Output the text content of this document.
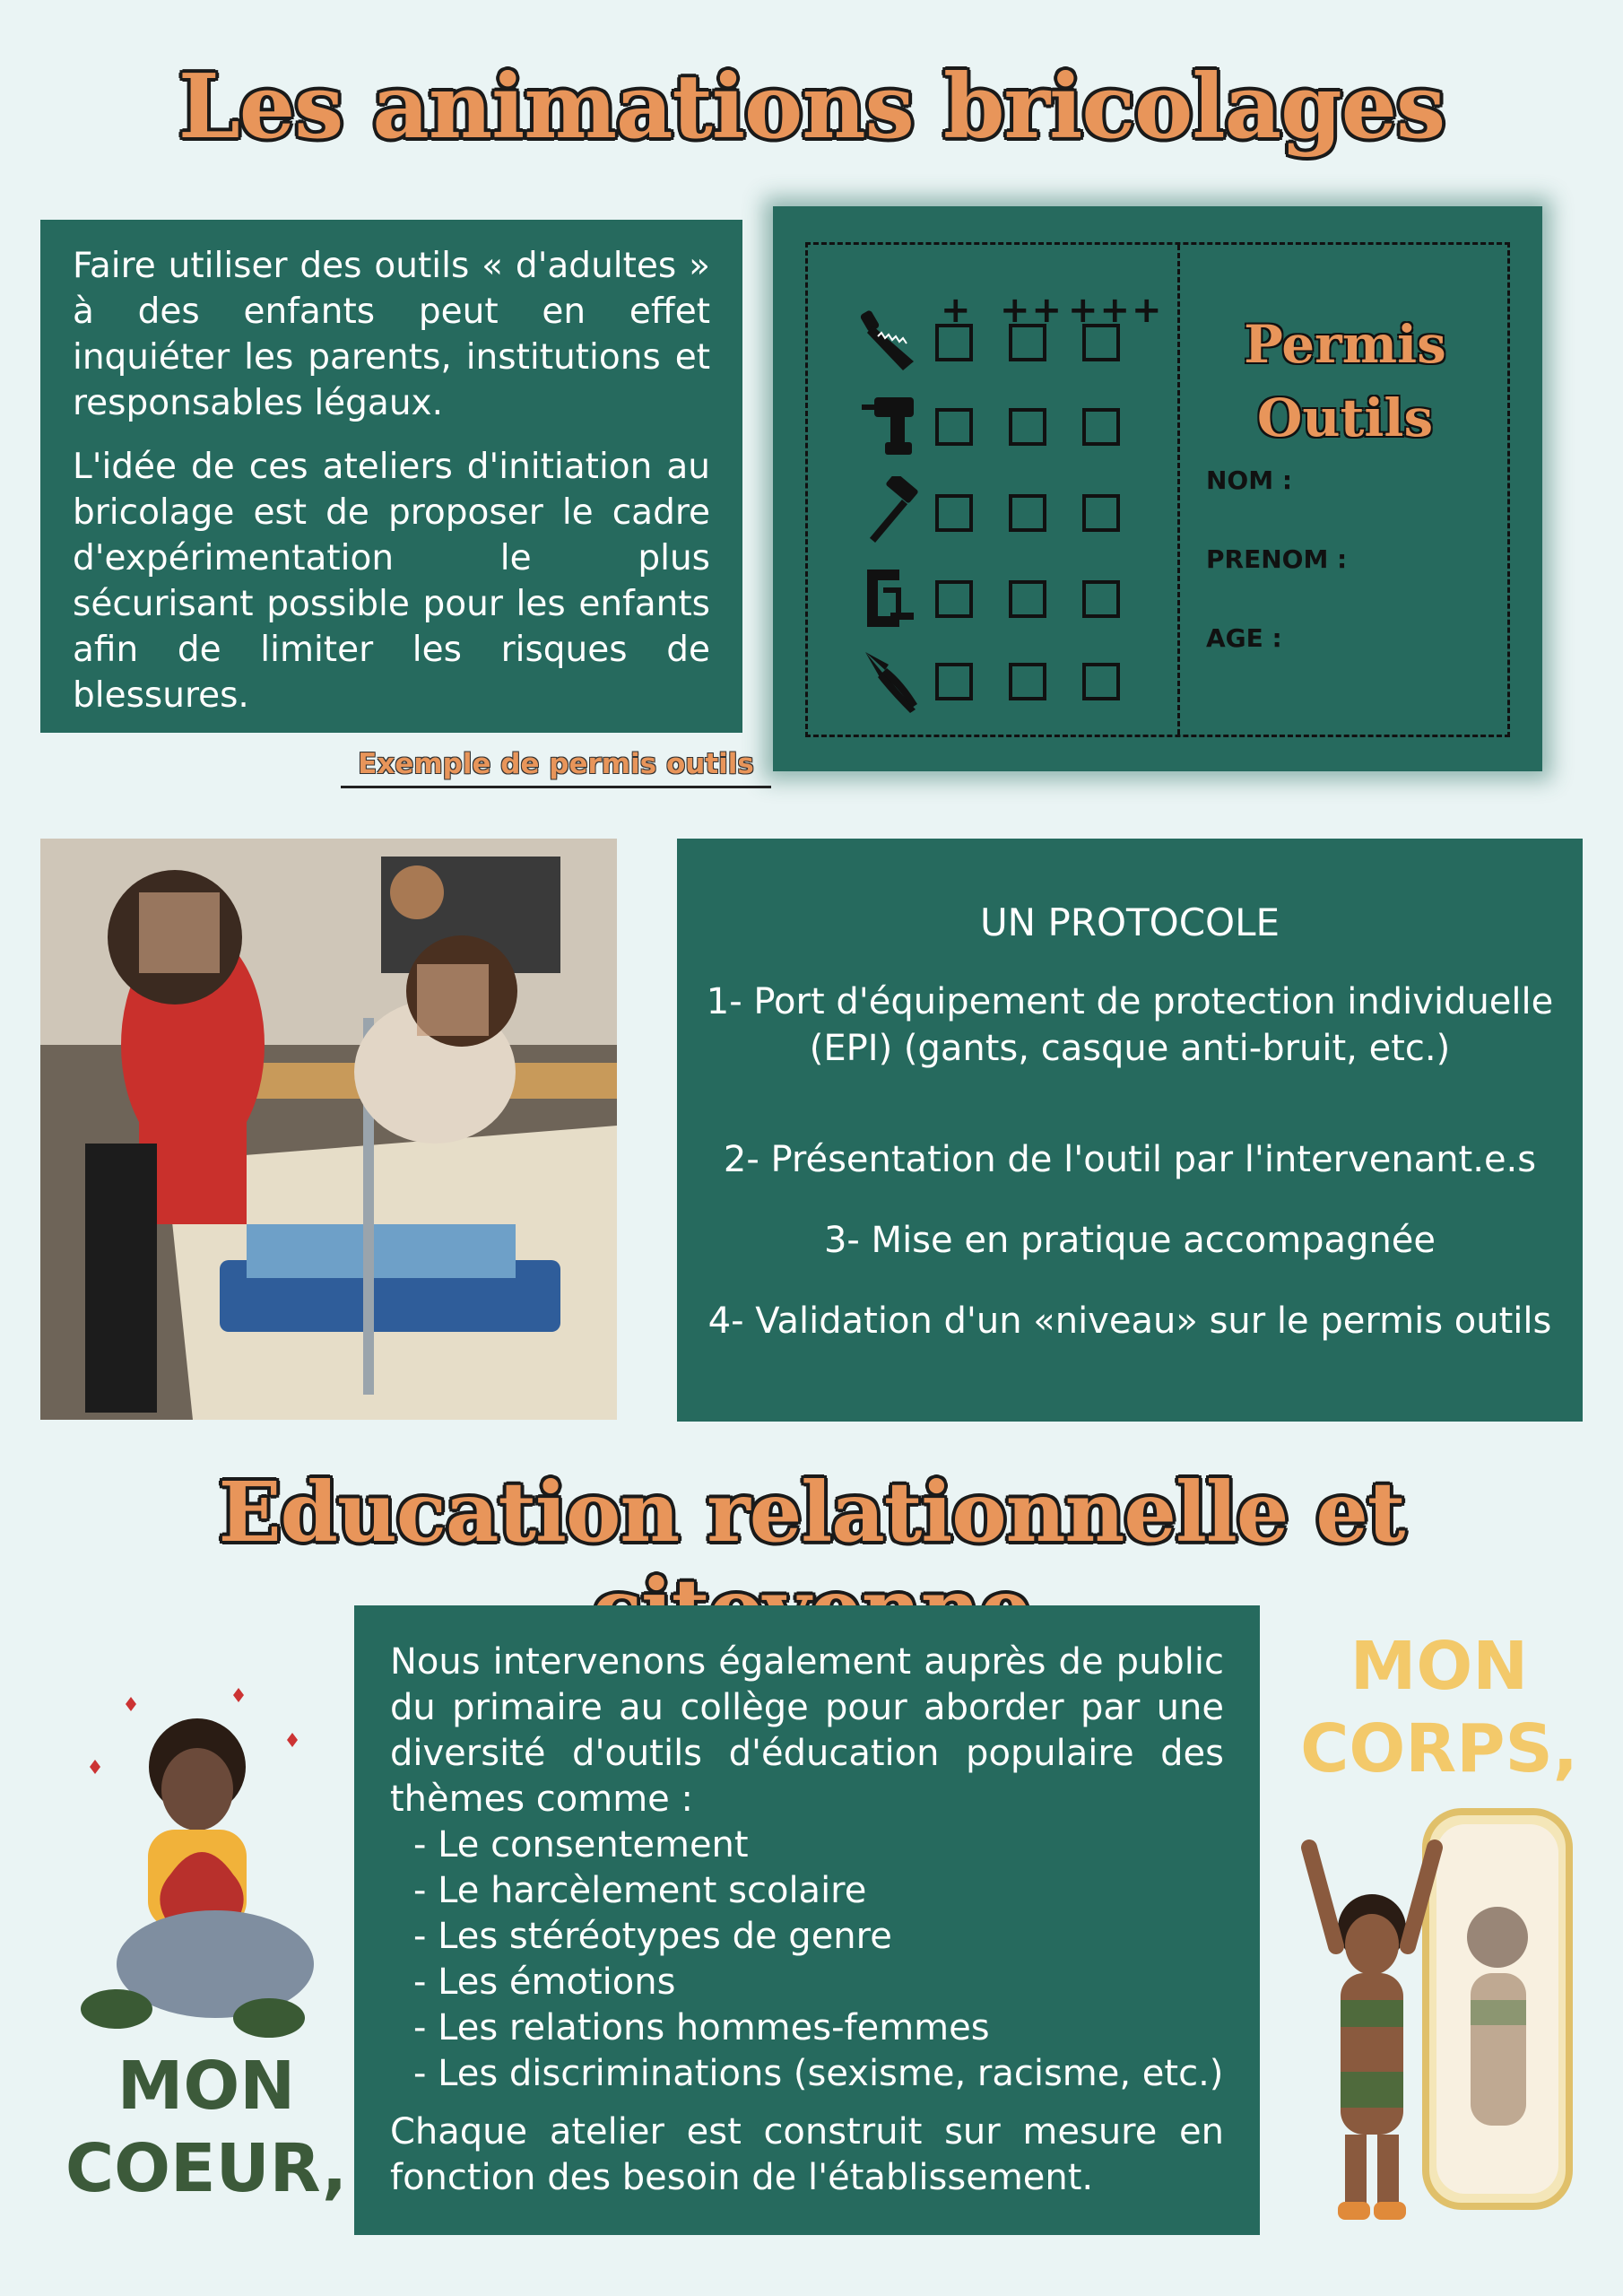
Les animations bricolages

Faire utiliser des outils « d'adultes » à des enfants peut en effet inquiéter les parents, institutions et responsables légaux.

L'idée de ces ateliers d'initiation au bricolage est de proposer le cadre d'expérimentation le plus sécurisant possible pour les enfants afin de limiter les risques de blessures.

+ ++ +++
Permis
Outils
NOM :
PRENOM :
AGE :
Exemple de permis outils
UN PROTOCOLE
1- Port d'équipement de protection individuelle (EPI) (gants, casque anti-bruit, etc.)
2- Présentation de l'outil par l'intervenant.e.s
3- Mise en pratique accompagnée
4- Validation d'un «niveau» sur le permis outils
Education relationnelle et
MON
COEUR,

Nous intervenons également auprès de public du primaire au collège pour aborder par une diversité d'outils d'éducation populaire des thèmes comme :

- Le consentement
- Le harcèlement scolaire
- Les stéréotypes de genre
- Les émotions
- Les relations hommes-femmes
- Les discriminations (sexisme, racisme, etc.)

Chaque atelier est construit sur mesure en fonction des besoin de l'établissement.

MON
CORPS,
